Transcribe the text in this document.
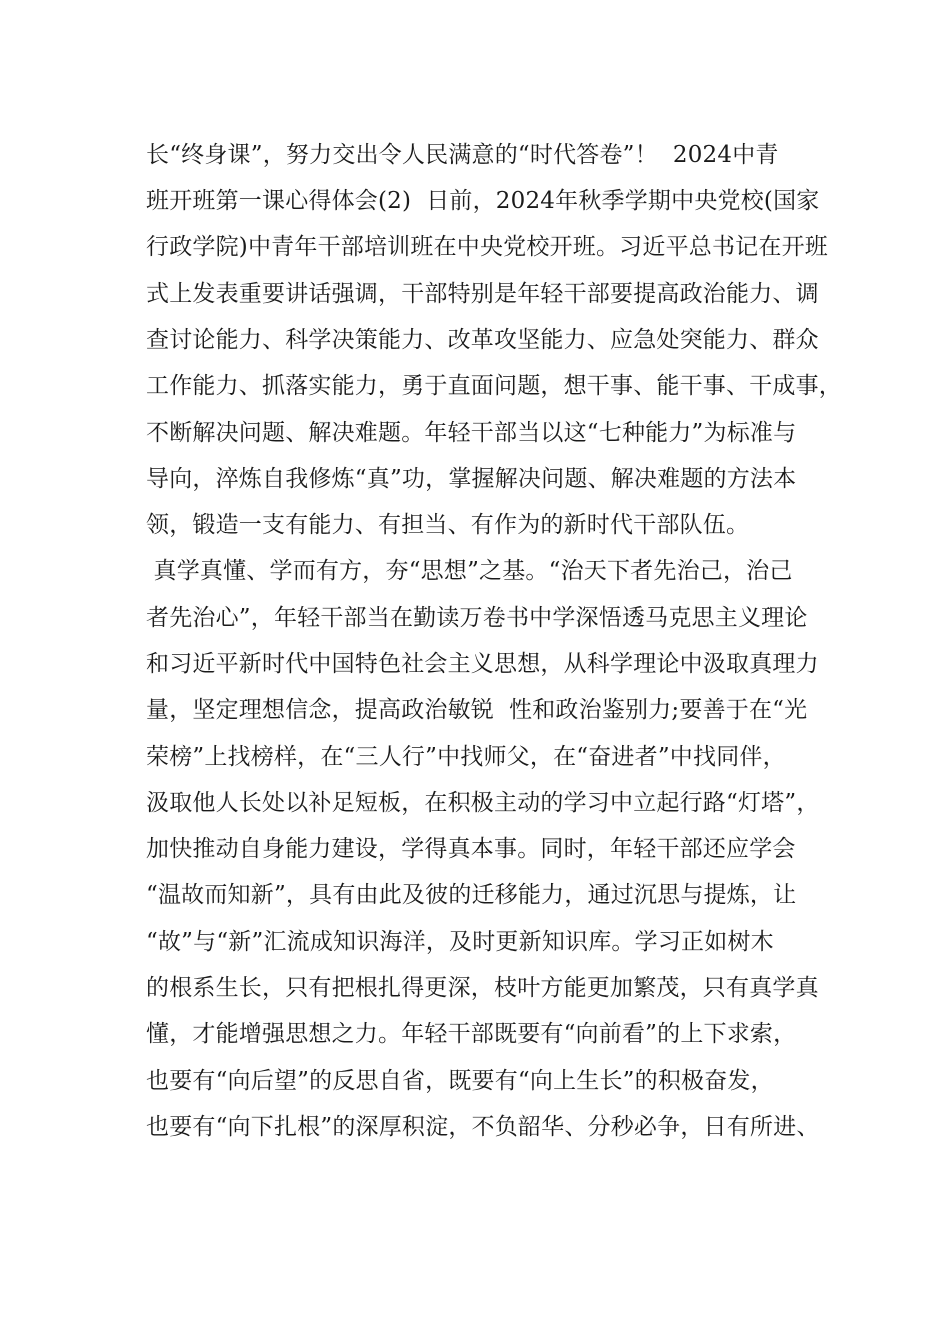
长“终身课”，努力交出令人民满意的“时代答卷”！  2024中青
班开班第一课心得体会(2)  日前，2024年秋季学期中央党校(国家
行政学院)中青年干部培训班在中央党校开班。习近平总书记在开班
式上发表重要讲话强调，干部特别是年轻干部要提高政治能力、调
查讨论能力、科学决策能力、改革攻坚能力、应急处突能力、群众
工作能力、抓落实能力，勇于直面问题，想干事、能干事、干成事，
不断解决问题、解决难题。年轻干部当以这“七种能力”为标准与
导向，淬炼自我修炼“真”功，掌握解决问题、解决难题的方法本
领，锻造一支有能力、有担当、有作为的新时代干部队伍。
真学真懂、学而有方，夯“思想”之基。“治天下者先治己，治己
者先治心”，年轻干部当在勤读万卷书中学深悟透马克思主义理论
和习近平新时代中国特色社会主义思想，从科学理论中汲取真理力
量，坚定理想信念，提高政治敏锐  性和政治鉴别力;要善于在“光
荣榜”上找榜样，在“三人行”中找师父，在“奋进者”中找同伴，
汲取他人长处以补足短板，在积极主动的学习中立起行路“灯塔”，
加快推动自身能力建设，学得真本事。同时，年轻干部还应学会
“温故而知新”，具有由此及彼的迁移能力，通过沉思与提炼，让
“故”与“新”汇流成知识海洋，及时更新知识库。学习正如树木
的根系生长，只有把根扎得更深，枝叶方能更加繁茂，只有真学真
懂，才能增强思想之力。年轻干部既要有“向前看”的上下求索，
也要有“向后望”的反思自省，既要有“向上生长”的积极奋发，
也要有“向下扎根”的深厚积淀，不负韶华、分秒必争，日有所进、
